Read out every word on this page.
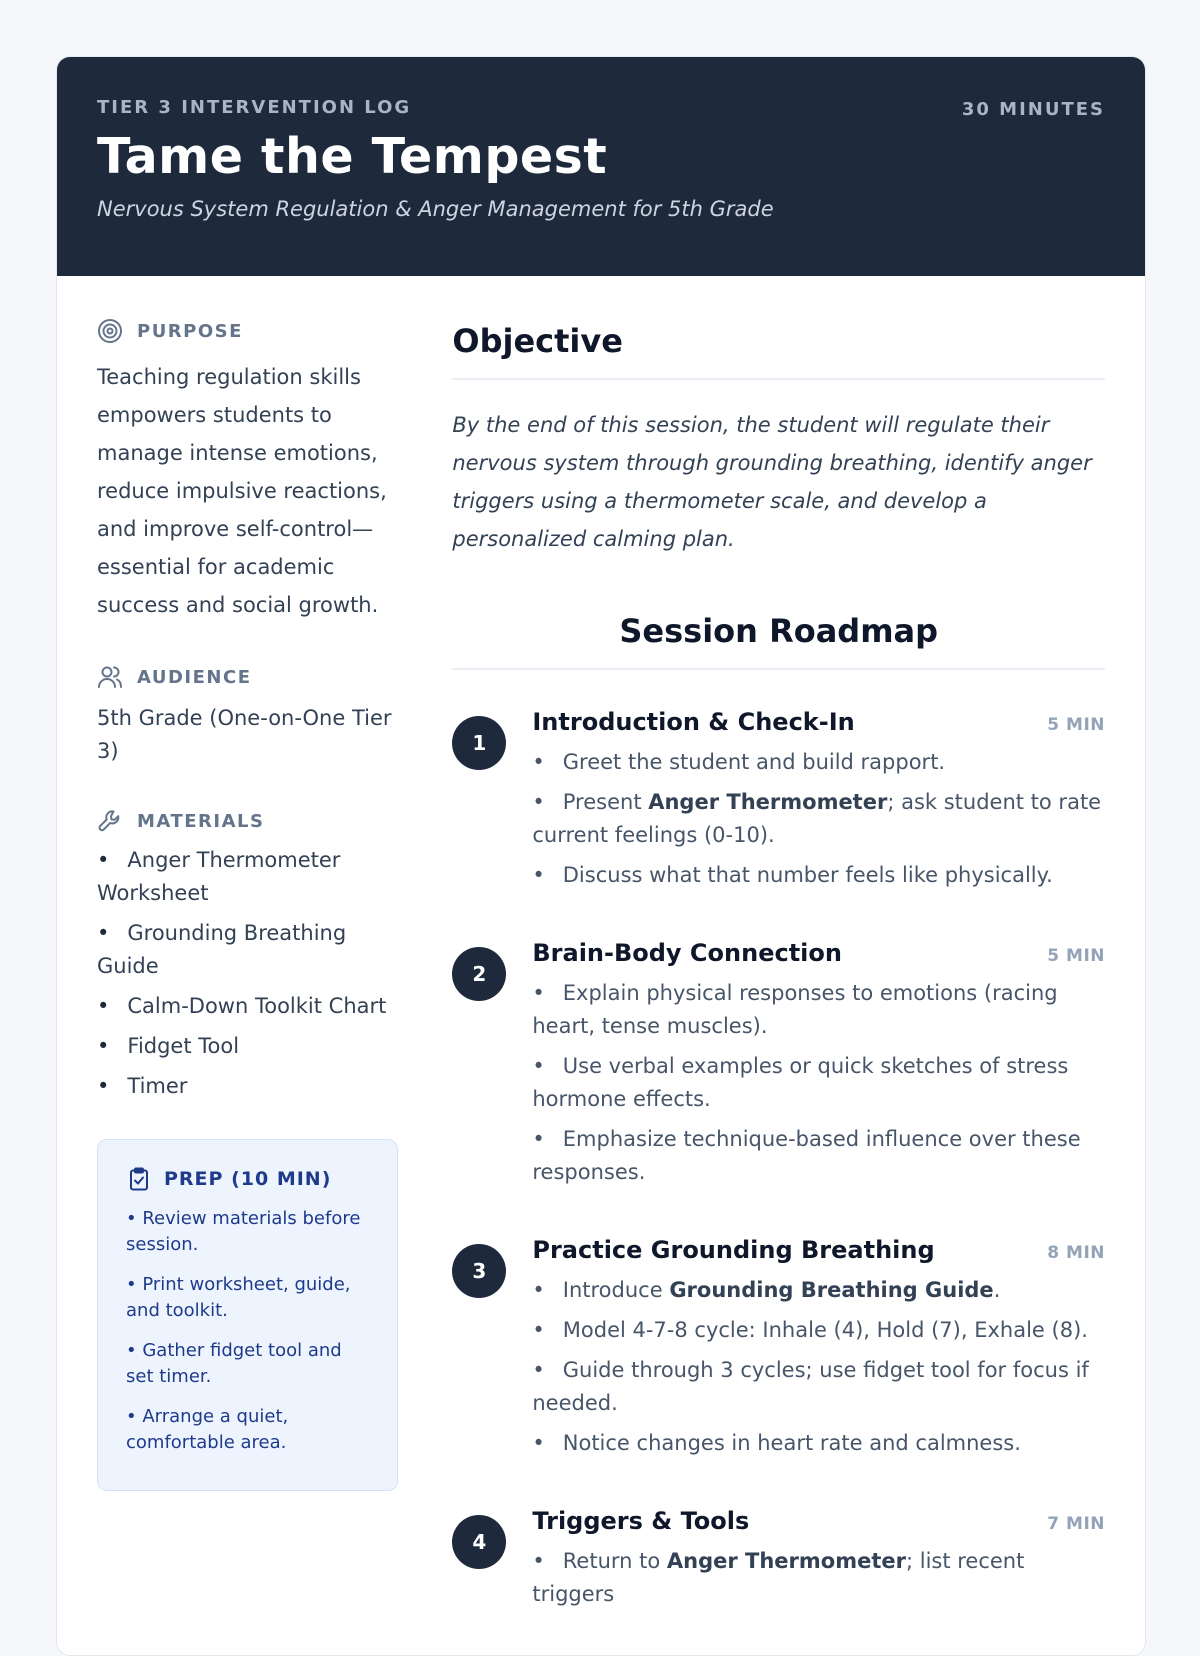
TIER 3 INTERVENTION LOG	30 MINUTES
Tame the Tempest
Nervous System Regulation & Anger Management for 5th Grade
PURPOSE
Teaching regulation skills empowers students to manage intense emotions, reduce impulsive reactions, and improve self-control—essential for academic success and social growth.
AUDIENCE
5th Grade (One-on-One Tier 3)
MATERIALS
• Anger Thermometer Worksheet
• Grounding Breathing Guide
• Calm-Down Toolkit Chart
• Fidget Tool
• Timer
PREP (10 MIN)
• Review materials before session.
• Print worksheet, guide, and toolkit.
• Gather fidget tool and set timer.
• Arrange a quiet, comfortable area.
Objective
By the end of this session, the student will regulate their nervous system through grounding breathing, identify anger triggers using a thermometer scale, and develop a personalized calming plan.
Session Roadmap
1
Introduction & Check-In	5 MIN
• Greet the student and build rapport.
• Present Anger Thermometer; ask student to rate current feelings (0-10).
• Discuss what that number feels like physically.
2
Brain-Body Connection	5 MIN
• Explain physical responses to emotions (racing heart, tense muscles).
• Use verbal examples or quick sketches of stress hormone effects.
• Emphasize technique-based influence over these responses.
3
Practice Grounding Breathing	8 MIN
• Introduce Grounding Breathing Guide.
• Model 4-7-8 cycle: Inhale (4), Hold (7), Exhale (8).
• Guide through 3 cycles; use fidget tool for focus if needed.
• Notice changes in heart rate and calmness.
4
Triggers & Tools	7 MIN
• Return to Anger Thermometer; list recent triggers
